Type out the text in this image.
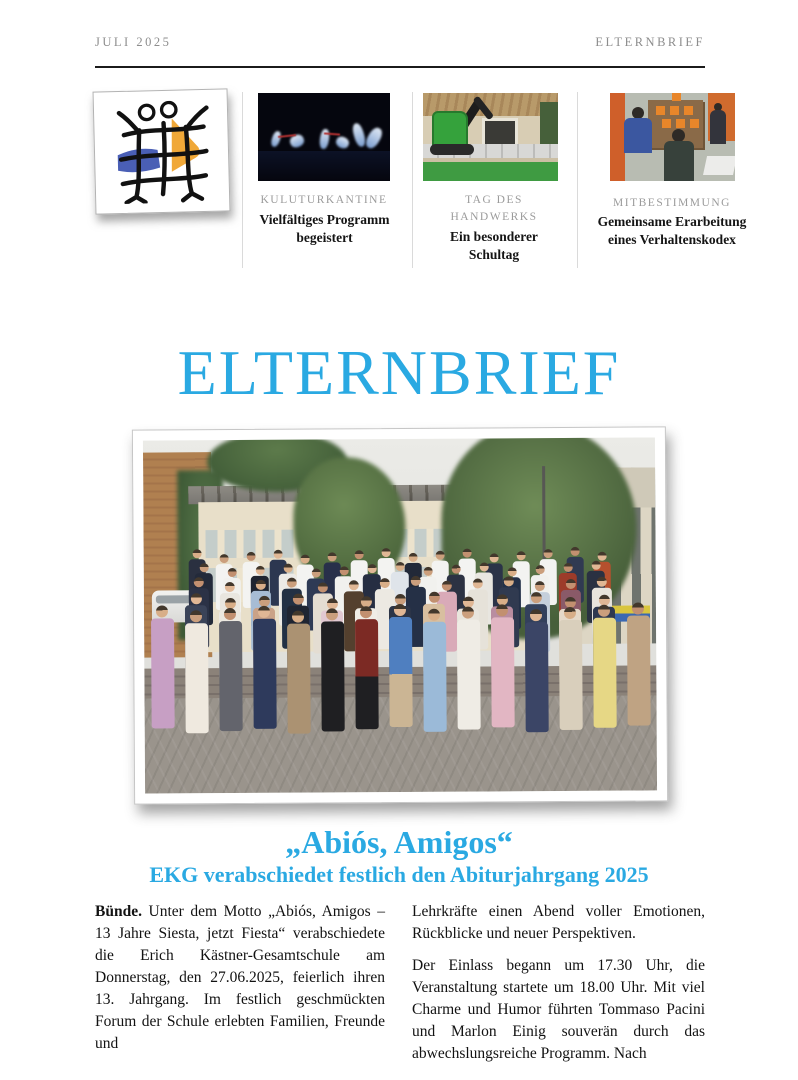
JULI 2025	ELTERNBRIEF
KULUTURKANTINE	TAG DES HANDWERKS
MITBESTIMMUNG
Vielfältiges Programm begeistert	Ein besonderer Schultag
Gemeinsame Erarbeitung eines Verhaltenskodex
ELTERNBRIEF
„Abiós, Amigos“
EKG verabschiedet festlich den Abiturjahrgang 2025

Bünde. Unter dem Motto „Abiós, Amigos – 13 Jahre Siesta, jetzt Fiesta“ verabschiedete die Erich Kästner-Gesamtschule am Donnerstag, den 27.06.2025, feierlich ihren 13. Jahrgang. Im festlich geschmückten Forum der Schule erlebten Familien, Freunde und

Lehrkräfte einen Abend voller Emotionen, Rückblicke und neuer Perspektiven.

Der Einlass begann um 17.30 Uhr, die Veranstaltung startete um 18.00 Uhr. Mit viel Charme und Humor führten Tommaso Pacini und Marlon Einig souverän durch das abwechslungsreiche Programm. Nach
